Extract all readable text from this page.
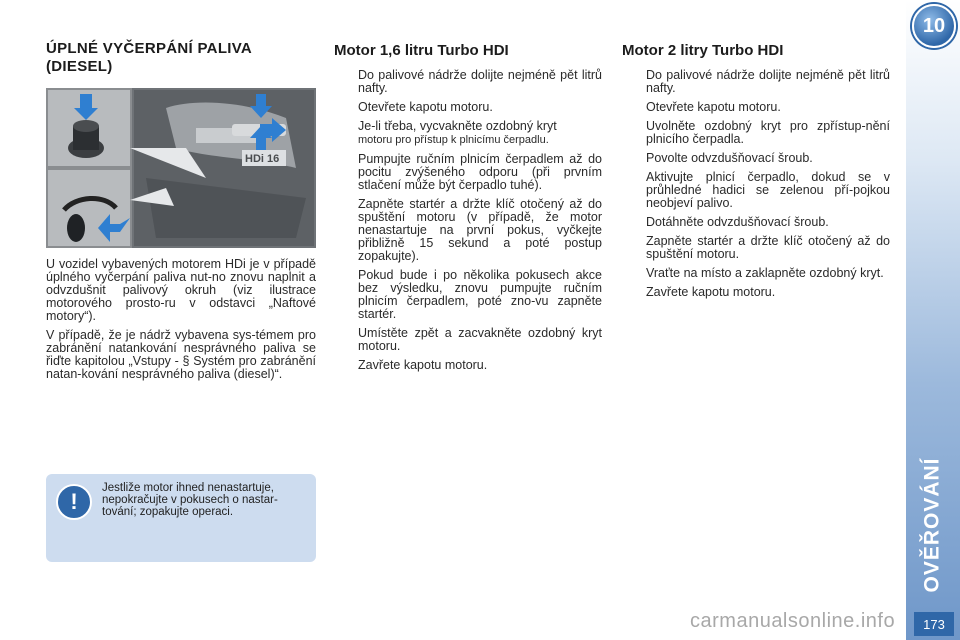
10
OVĚŘOVÁNÍ
173
carmanualsonline.info
ÚPLNÉ VYČERPÁNÍ PALIVA (DIESEL)
HDi 16

U vozidel vybavených motorem HDi je v případě úplného vyčerpání paliva nut-no znovu naplnit a odvzdušnit palivový okruh (viz ilustrace motorového prosto-ru v odstavci „Naftové motory“).

V případě, že je nádrž vybavena sys-témem pro zabránění natankování nesprávného paliva se řiďte kapitolou „Vstupy - § Systém pro zabránění natan-kování nesprávného paliva (diesel)“.

!
Jestliže motor ihned nenastartuje, nepokračujte v pokusech o nastar-tování; zopakujte operaci.
Motor 1,6 litru Turbo HDI
Do palivové nádrže dolijte nejméně pět litrů nafty.
Otevřete kapotu motoru.
Je-li třeba, vycvakněte ozdobný kryt
motoru pro přístup k plnicímu čerpadlu.
Pumpujte ručním plnicím čerpadlem až do pocitu zvýšeného odporu (při prvním stlačení může být čerpadlo tuhé).
Zapněte startér a držte klíč otočený až do spuštění motoru (v případě, že motor nenastartuje na první pokus, vyčkejte přibližně 15 sekund a poté postup zopakujte).
Pokud bude i po několika pokusech akce bez výsledku, znovu pumpujte ručním plnicím čerpadlem, poté zno-vu zapněte startér.
Umístěte zpět a zacvakněte ozdobný kryt motoru.
Zavřete kapotu motoru.
Motor 2 litry Turbo HDI
Do palivové nádrže dolijte nejméně pět litrů nafty.
Otevřete kapotu motoru.
Uvolněte ozdobný kryt pro zpřístup-nění plnicího čerpadla.
Povolte odvzdušňovací šroub.
Aktivujte plnicí čerpadlo, dokud se v průhledné hadici se zelenou pří-pojkou neobjeví palivo.
Dotáhněte odvzdušňovací šroub.
Zapněte startér a držte klíč otočený až do spuštění motoru.
Vraťte na místo a zaklapněte ozdobný kryt.
Zavřete kapotu motoru.
